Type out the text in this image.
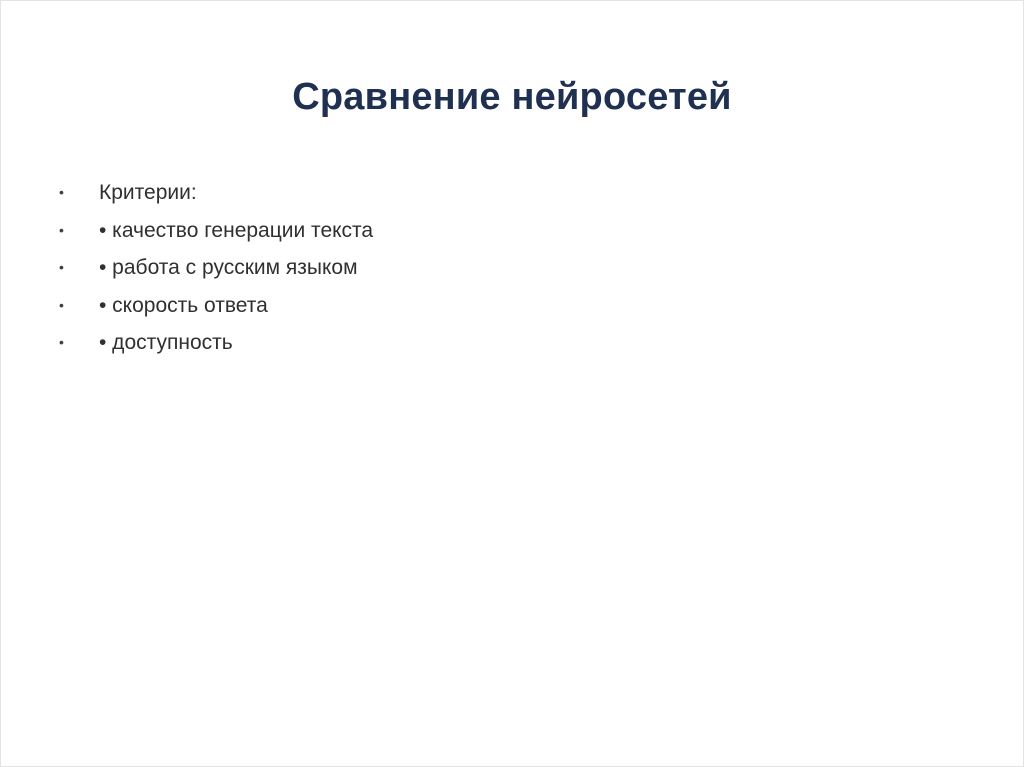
Сравнение нейросетей
•	Критерии:
•	• качество генерации текста
•	• работа с русским языком
•	• скорость ответа
•	• доступность
